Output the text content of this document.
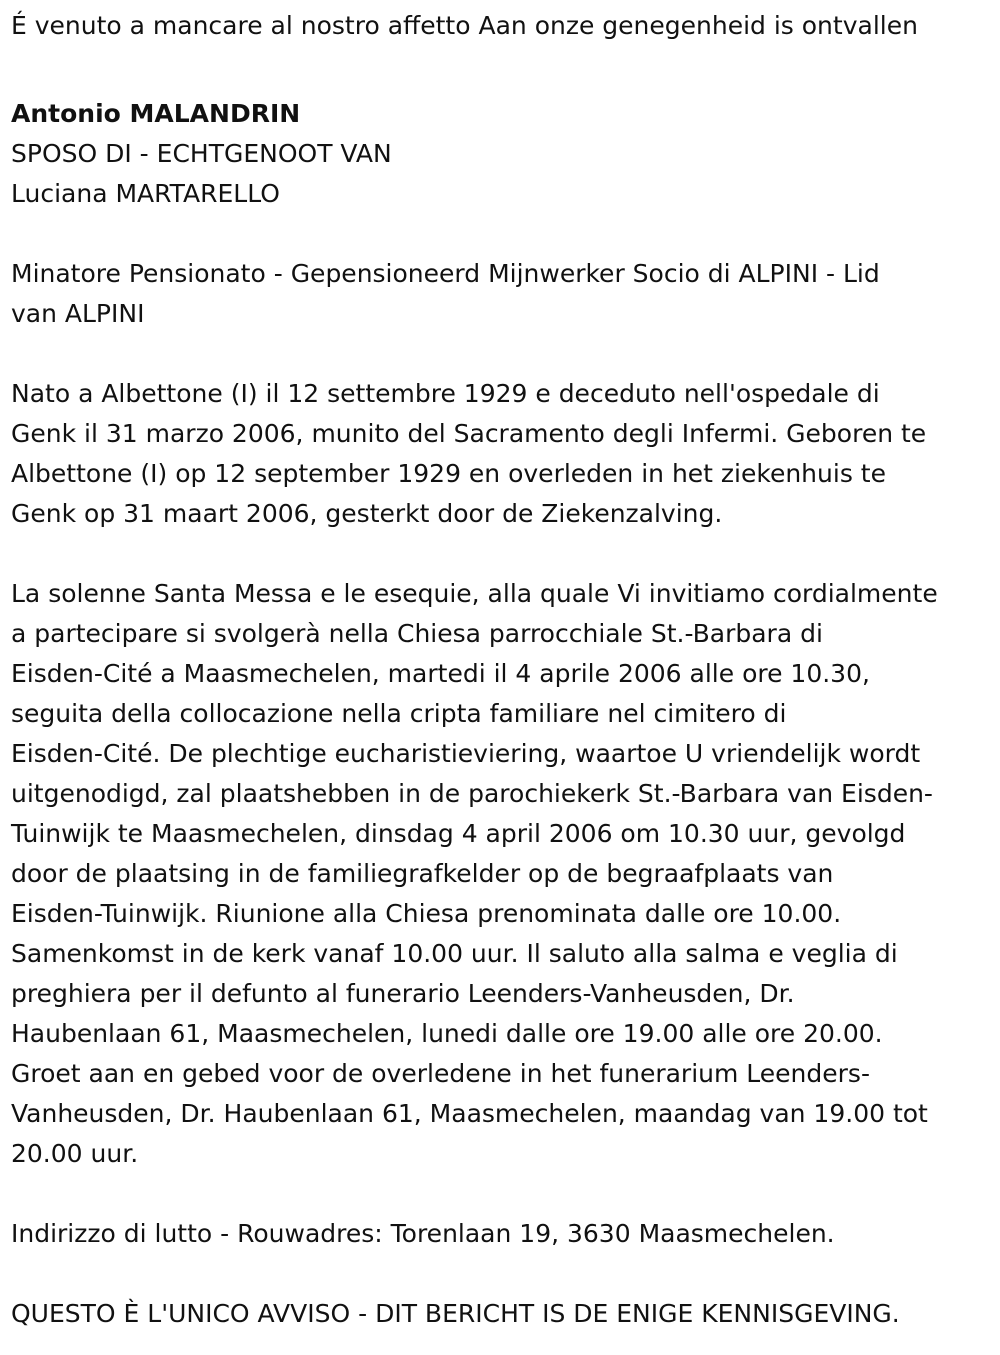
É venuto a mancare al nostro affetto Aan onze genegenheid is ontvallen

Antonio MALANDRIN

SPOSO DI - ECHTGENOOT VAN

Luciana MARTARELLO

Minatore Pensionato - Gepensioneerd Mijnwerker Socio di ALPINI - Lid

van ALPINI

Nato a Albettone (I) il 12 settembre 1929 e deceduto nell'ospedale di

Genk il 31 marzo 2006, munito del Sacramento degli Infermi. Geboren te

Albettone (I) op 12 september 1929 en overleden in het ziekenhuis te

Genk op 31 maart 2006, gesterkt door de Ziekenzalving.

La solenne Santa Messa e le esequie, alla quale Vi invitiamo cordialmente

a partecipare si svolgerà nella Chiesa parrocchiale St.-Barbara di

Eisden-Cité a Maasmechelen, martedi il 4 aprile 2006 alle ore 10.30,

seguita della collocazione nella cripta familiare nel cimitero di

Eisden-Cité. De plechtige eucharistieviering, waartoe U vriendelijk wordt

uitgenodigd, zal plaatshebben in de parochiekerk St.-Barbara van Eisden-

Tuinwijk te Maasmechelen, dinsdag 4 april 2006 om 10.30 uur, gevolgd

door de plaatsing in de familiegrafkelder op de begraafplaats van

Eisden-Tuinwijk. Riunione alla Chiesa prenominata dalle ore 10.00.

Samenkomst in de kerk vanaf 10.00 uur. Il saluto alla salma e veglia di

preghiera per il defunto al funerario Leenders-Vanheusden, Dr.

Haubenlaan 61, Maasmechelen, lunedi dalle ore 19.00 alle ore 20.00.

Groet aan en gebed voor de overledene in het funerarium Leenders-

Vanheusden, Dr. Haubenlaan 61, Maasmechelen, maandag van 19.00 tot

20.00 uur.

Indirizzo di lutto - Rouwadres: Torenlaan 19, 3630 Maasmechelen.

QUESTO È L'UNICO AVVISO - DIT BERICHT IS DE ENIGE KENNISGEVING.
